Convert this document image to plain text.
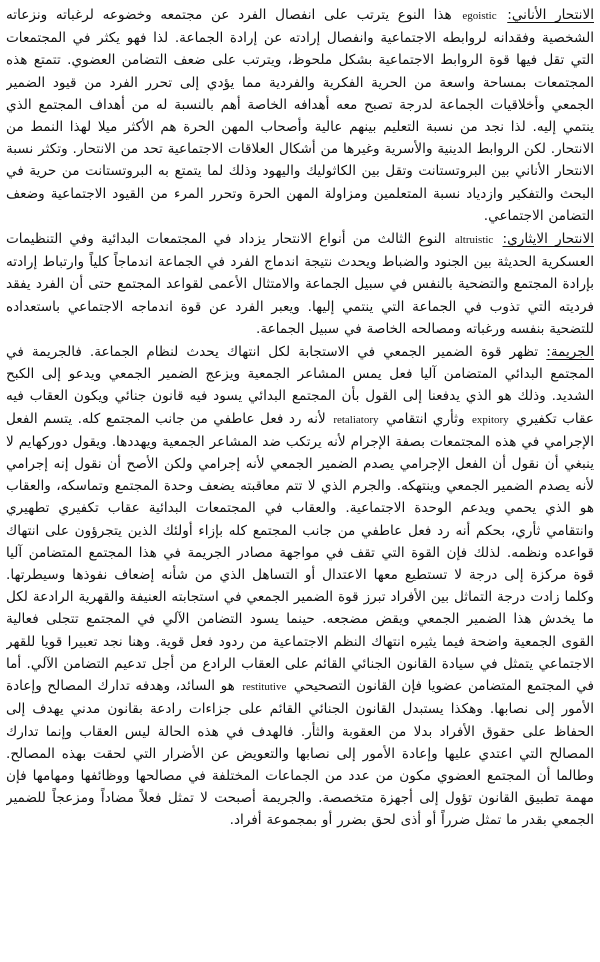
الانتحار الأناني: egoistic هذا النوع يترتب على انفصال الفرد عن مجتمعه وخضوعه لرغباته ونزعاته الشخصية وفقدانه لروابطه الاجتماعية وانفصال إرادته عن إرادة الجماعة. لذا فهو يكثر في المجتمعات التي تقل فيها قوة الروابط الاجتماعية بشكل ملحوظ، ويترتب على ضعف التضامن العضوي. تتمتع هذه المجتمعات بمساحة واسعة من الحرية الفكرية والفردية مما يؤدي إلى تحرر الفرد من قيود الضمير الجمعي وأخلاقيات الجماعة لدرجة تصبح معه أهدافه الخاصة أهم بالنسبة له من أهداف المجتمع الذي ينتمي إليه. لذا نجد من نسبة التعليم بينهم عالية وأصحاب المهن الحرة هم الأكثر ميلا لهذا النمط من الانتحار. لكن الروابط الدينية والأسرية وغيرها من أشكال العلاقات الاجتماعية تحد من الانتحار. وتكثر نسبة الانتحار الأناني بين البروتستانت وتقل بين الكاثوليك واليهود وذلك لما يتمتع به البروتستانت من حرية في البحث والتفكير وازدياد نسبة المتعلمين ومزاولة المهن الحرة وتحرر المرء من القيود الاجتماعية وضعف التضامن الاجتماعي.

الانتحار الايثاري: altruistic النوع الثالث من أنواع الانتحار يزداد في المجتمعات البدائية وفي التنظيمات العسكرية الحديثة بين الجنود والضباط ويحدث نتيجة اندماج الفرد في الجماعة اندماجاً كلياً وارتباط إرادته بإرادة المجتمع والتضحية بالنفس في سبيل الجماعة والامتثال الأعمى لقواعد المجتمع حتى أن الفرد يفقد فرديته التي تذوب في الجماعة التي ينتمي إليها. ويعبر الفرد عن قوة اندماجه الاجتماعي باستعداده للتضحية بنفسه ورغباته ومصالحه الخاصة في سبيل الجماعة.

الجريمة: تظهر قوة الضمير الجمعي في الاستجابة لكل انتهاك يحدث لنظام الجماعة. فالجريمة في المجتمع البدائي المتضامن آليا فعل يمس المشاعر الجمعية ويزعج الضمير الجمعي ويدعو إلى الكبح الشديد. وذلك هو الذي يدفعنا إلى القول بأن المجتمع البدائي يسود فيه قانون جنائي ويكون العقاب فيه عقاب تكفيري expitory وثأري انتقامي retaliatory لأنه رد فعل عاطفي من جانب المجتمع كله. يتسم الفعل الإجرامي في هذه المجتمعات بصفة الإجرام لأنه يرتكب ضد المشاعر الجمعية ويهددها. ويقول دوركهايم لا ينبغي أن نقول أن الفعل الإجرامي يصدم الضمير الجمعي لأنه إجرامي ولكن الأصح أن نقول إنه إجرامي لأنه يصدم الضمير الجمعي وينتهكه. والجرم الذي لا تتم معاقبته يضعف وحدة المجتمع وتماسكه، والعقاب هو الذي يحمي ويدعم الوحدة الاجتماعية. والعقاب في المجتمعات البدائية عقاب تكفيري تطهيري وانتقامي ثأري، بحكم أنه رد فعل عاطفي من جانب المجتمع كله بإزاء أولئك الذين يتجرؤون على انتهاك قواعده ونظمه. لذلك فإن القوة التي تقف في مواجهة مصادر الجريمة في هذا المجتمع المتضامن آليا قوة مركزة إلى درجة لا تستطيع معها الاعتدال أو التساهل الذي من شأنه إضعاف نفوذها وسيطرتها. وكلما زادت درجة التماثل بين الأفراد تبرز قوة الضمير الجمعي في استجابته العنيفة والقهرية الرادعة لكل ما يخدش هذا الضمير الجمعي ويقض مضجعه. حينما يسود التضامن الآلي في المجتمع تتجلى فعالية القوى الجمعية واضحة فيما يثيره انتهاك النظم الاجتماعية من ردود فعل قوية. وهنا نجد تعبيرا قويا للقهر الاجتماعي يتمثل في سيادة القانون الجنائي القائم على العقاب الرادع من أجل تدعيم التضامن الآلي. أما في المجتمع المتضامن عضويا فإن القانون التصحيحي restitutive هو السائد، وهدفه تدارك المصالح وإعادة الأمور إلى نصابها. وهكذا يستبدل القانون الجنائي القائم على جزاءات رادعة بقانون مدني يهدف إلى الحفاظ على حقوق الأفراد بدلا من العقوبة والثأر. فالهدف في هذه الحالة ليس العقاب وإنما تدارك المصالح التي اعتدي عليها وإعادة الأمور إلى نصابها والتعويض عن الأضرار التي لحقت بهذه المصالح. وطالما أن المجتمع العضوي مكون من عدد من الجماعات المختلفة في مصالحها ووظائفها ومهامها فإن مهمة تطبيق القانون تؤول إلى أجهزة متخصصة. والجريمة أصبحت لا تمثل فعلاً مضاداً ومزعجاً للضمير الجمعي بقدر ما تمثل ضرراً أو أذى لحق بضرر أو بمجموعة أفراد.
